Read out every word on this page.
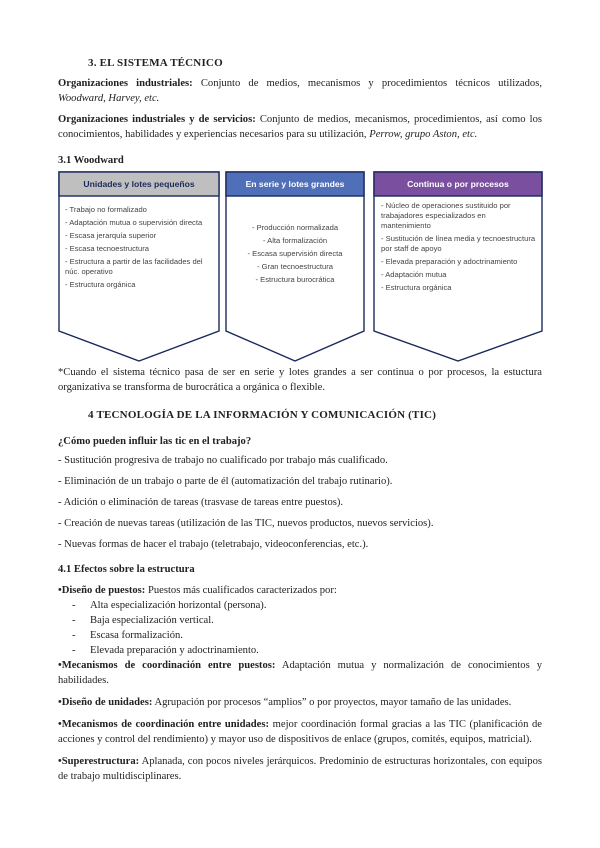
3. EL SISTEMA TÉCNICO
Organizaciones industriales: Conjunto de medios, mecanismos y procedimientos técnicos utilizados, Woodward, Harvey, etc.
Organizaciones industriales y de servicios: Conjunto de medios, mecanismos, procedimientos, así como los conocimientos, habilidades y experiencias necesarios para su utilización, Perrow, grupo Aston, etc.
3.1 Woodward
Unidades y lotes pequeños
- Trabajo no formalizado
- Adaptación mutua o supervisión directa
- Escasa jerarquía superior
- Escasa tecnoestructura
- Estructura a partir de las facilidades del núc. operativo
- Estructura orgánica
En serie y lotes grandes
- Producción normalizada
- Alta formalización
- Escasa supervisión directa
- Gran tecnoestructura
- Estructura burocrática
Continua o por procesos
- Núcleo de operaciones sustituido por trabajadores especializados en mantenimiento
- Sustitución de línea media y tecnoestructura por staff de apoyo
- Elevada preparación y adoctrinamiento
- Adaptación mutua
- Estructura orgánica
*Cuando el sistema técnico pasa de ser en serie y lotes grandes a ser continua o por procesos, la estuctura organizativa se transforma de burocrática a orgánica o flexible.
4 TECNOLOGÍA DE LA INFORMACIÓN Y COMUNICACIÓN (TIC)
¿Cómo pueden influir las tic en el trabajo?
- Sustitución progresiva de trabajo no cualificado por trabajo más cualificado.
- Eliminación de un trabajo o parte de él (automatización del trabajo rutinario).
- Adición o eliminación de tareas (trasvase de tareas entre puestos).
- Creación de nuevas tareas (utilización de las TIC, nuevos productos, nuevos servicios).
- Nuevas formas de hacer el trabajo (teletrabajo, videoconferencias, etc.).
4.1 Efectos sobre la estructura
•Diseño de puestos: Puestos más cualificados caracterizados por:
- Alta especialización horizontal (persona).
- Baja especialización vertical.
- Escasa formalización.
- Elevada preparación y adoctrinamiento.
•Mecanismos de coordinación entre puestos: Adaptación mutua y normalización de conocimientos y habilidades.
•Diseño de unidades: Agrupación por procesos “amplios” o por proyectos, mayor tamaño de las unidades.
•Mecanismos de coordinación entre unidades: mejor coordinación formal gracias a las TIC (planificación de acciones y control del rendimiento) y mayor uso de dispositivos de enlace (grupos, comités, equipos, matricial).
•Superestructura: Aplanada, con pocos niveles jerárquicos. Predominio de estructuras horizontales, con equipos de trabajo multidisciplinares.
